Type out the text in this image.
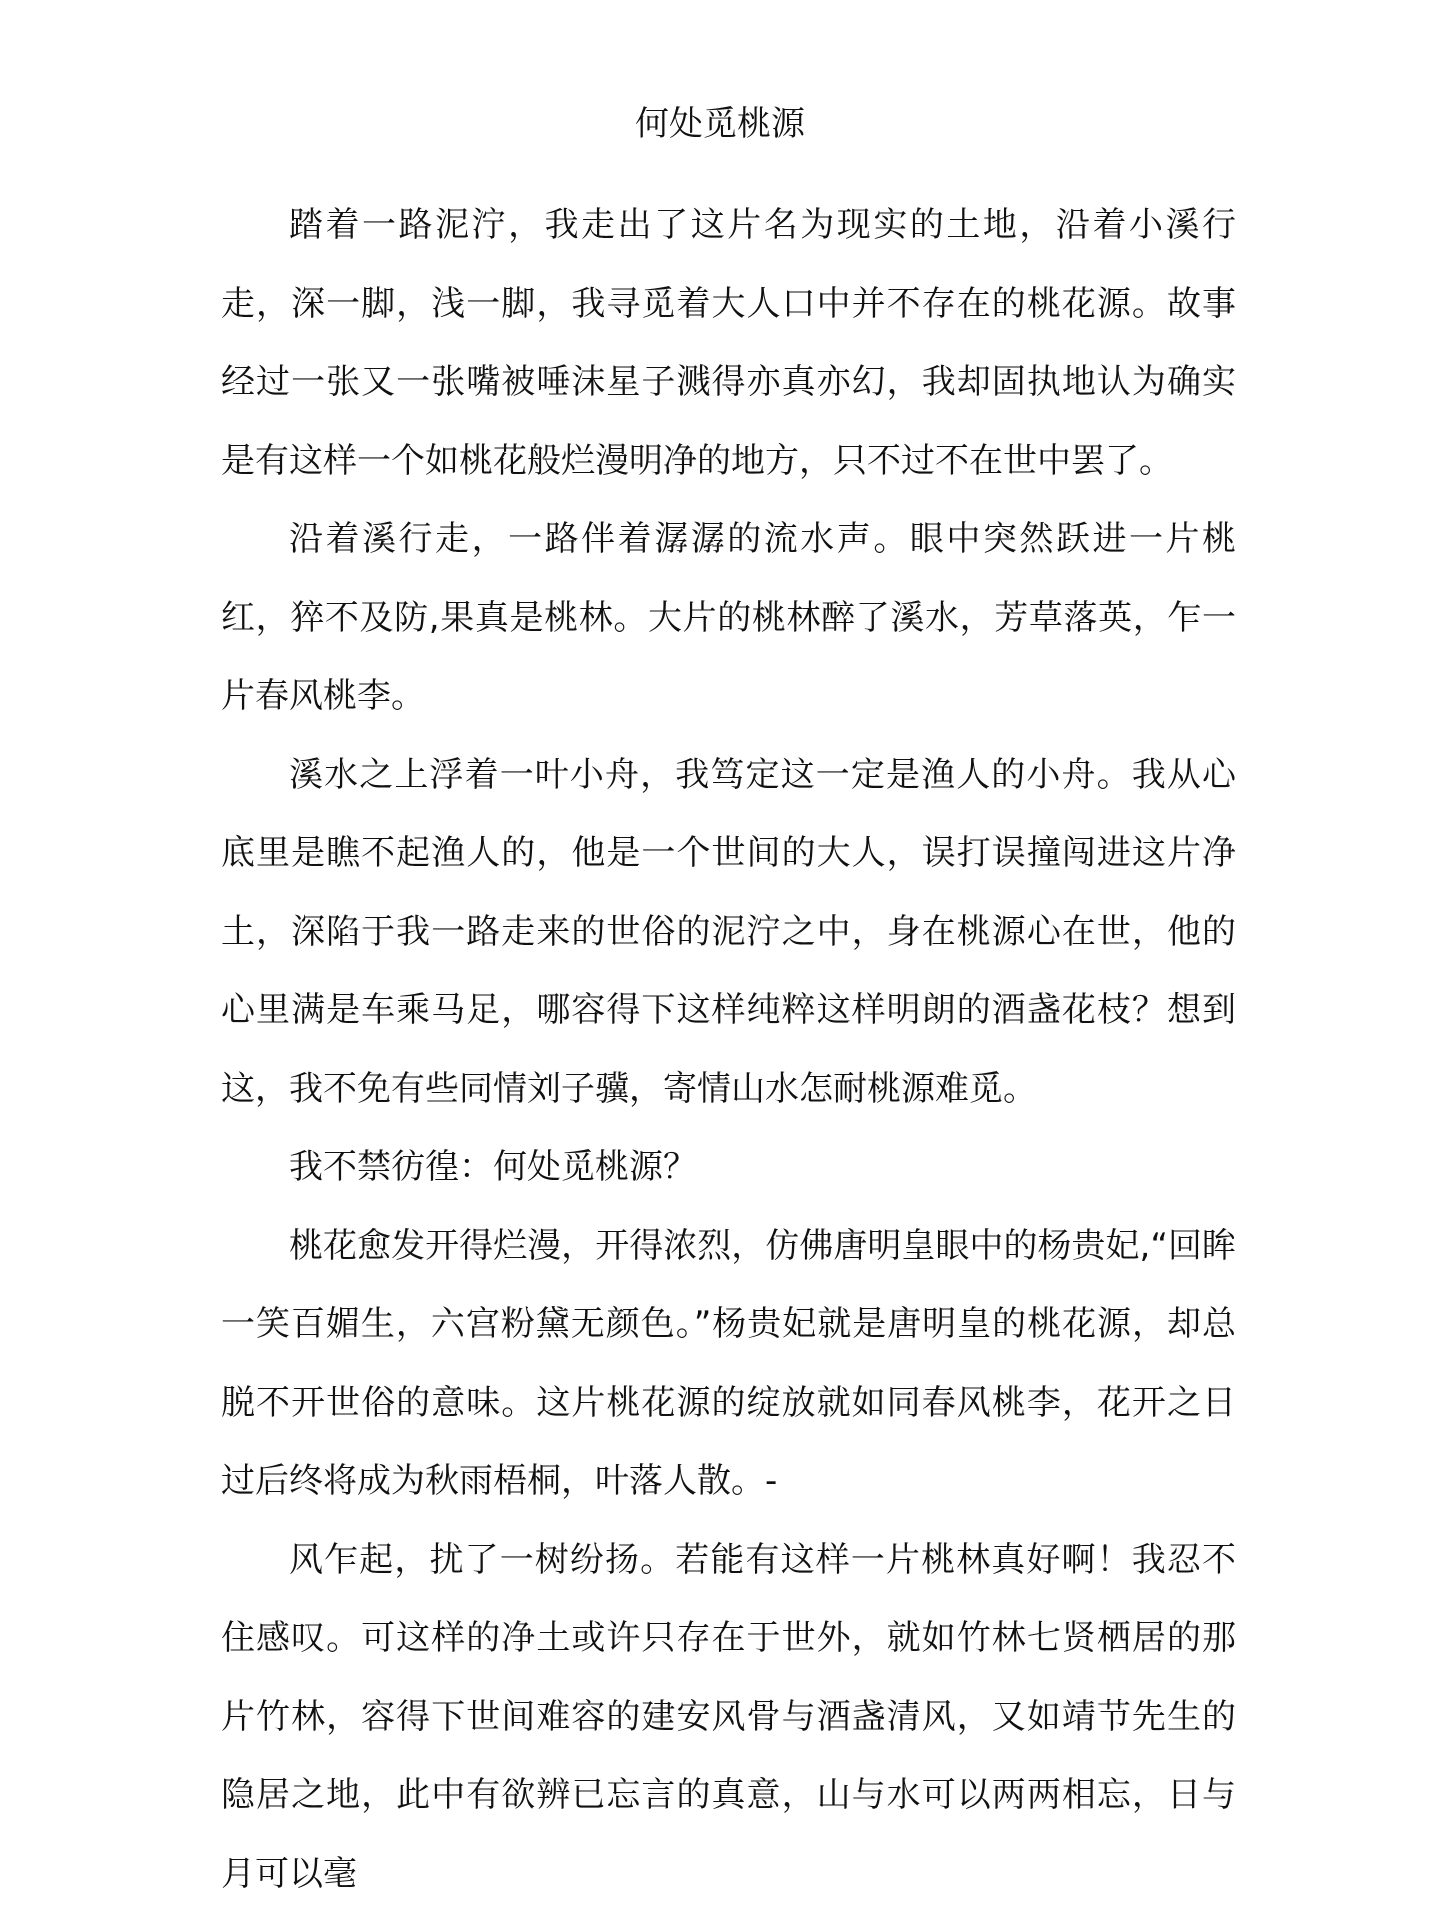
何处觅桃源

踏着一路泥泞，我走出了这片名为现实的土地，沿着小溪行走，深一脚，浅一脚，我寻觅着大人口中并不存在的桃花源。故事经过一张又一张嘴被唾沫星子溅得亦真亦幻，我却固执地认为确实是有这样一个如桃花般烂漫明净的地方，只不过不在世中罢了。

沿着溪行走，一路伴着潺潺的流水声。眼中突然跃进一片桃红，猝不及防,果真是桃林。大片的桃林醉了溪水，芳草落英，乍一片春风桃李。

溪水之上浮着一叶小舟，我笃定这一定是渔人的小舟。我从心底里是瞧不起渔人的，他是一个世间的大人，误打误撞闯进这片净土，深陷于我一路走来的世俗的泥泞之中，身在桃源心在世，他的心里满是车乘马足，哪容得下这样纯粹这样明朗的酒盏花枝？想到这，我不免有些同情刘子骥，寄情山水怎耐桃源难觅。

我不禁彷徨：何处觅桃源？

桃花愈发开得烂漫，开得浓烈，仿佛唐明皇眼中的杨贵妃,“回眸一笑百媚生，六宫粉黛无颜色。”杨贵妃就是唐明皇的桃花源，却总脱不开世俗的意味。这片桃花源的绽放就如同春风桃李，花开之日过后终将成为秋雨梧桐，叶落人散。-

风乍起，扰了一树纷扬。若能有这样一片桃林真好啊！我忍不住感叹。可这样的净土或许只存在于世外，就如竹林七贤栖居的那片竹林，容得下世间难容的建安风骨与酒盏清风，又如靖节先生的隐居之地，此中有欲辨已忘言的真意，山与水可以两两相忘，日与月可以毫
